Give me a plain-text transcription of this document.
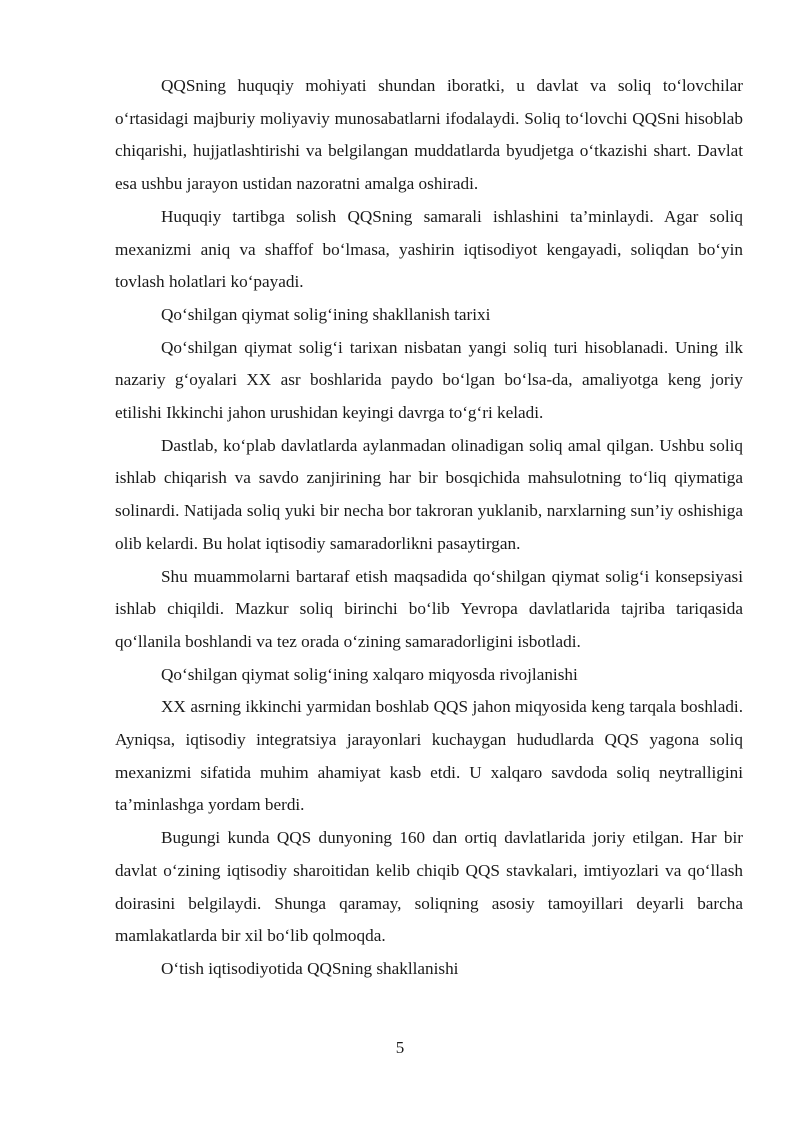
QQSning huquqiy mohiyati shundan iboratki, u davlat va soliq to‘lovchilar o‘rtasidagi majburiy moliyaviy munosabatlarni ifodalaydi. Soliq to‘lovchi QQSni hisoblab chiqarishi, hujjatlashtirishi va belgilangan muddatlarda byudjetga o‘tkazishi shart. Davlat esa ushbu jarayon ustidan nazoratni amalga oshiradi.

Huquqiy tartibga solish QQSning samarali ishlashini ta’minlaydi. Agar soliq mexanizmi aniq va shaffof bo‘lmasa, yashirin iqtisodiyot kengayadi, soliqdan bo‘yin tovlash holatlari ko‘payadi.

Qo‘shilgan qiymat solig‘ining shakllanish tarixi

Qo‘shilgan qiymat solig‘i tarixan nisbatan yangi soliq turi hisoblanadi. Uning ilk nazariy g‘oyalari XX asr boshlarida paydo bo‘lgan bo‘lsa-da, amaliyotga keng joriy etilishi Ikkinchi jahon urushidan keyingi davrga to‘g‘ri keladi.

Dastlab, ko‘plab davlatlarda aylanmadan olinadigan soliq amal qilgan. Ushbu soliq ishlab chiqarish va savdo zanjirining har bir bosqichida mahsulotning to‘liq qiymatiga solinardi. Natijada soliq yuki bir necha bor takroran yuklanib, narxlarning sun’iy oshishiga olib kelardi. Bu holat iqtisodiy samaradorlikni pasaytirgan.

Shu muammolarni bartaraf etish maqsadida qo‘shilgan qiymat solig‘i konsepsiyasi ishlab chiqildi. Mazkur soliq birinchi bo‘lib Yevropa davlatlarida tajriba tariqasida qo‘llanila boshlandi va tez orada o‘zining samaradorligini isbotladi.

Qo‘shilgan qiymat solig‘ining xalqaro miqyosda rivojlanishi

XX asrning ikkinchi yarmidan boshlab QQS jahon miqyosida keng tarqala boshladi. Ayniqsa, iqtisodiy integratsiya jarayonlari kuchaygan hududlarda QQS yagona soliq mexanizmi sifatida muhim ahamiyat kasb etdi. U xalqaro savdoda soliq neytralligini ta’minlashga yordam berdi.

Bugungi kunda QQS dunyoning 160 dan ortiq davlatlarida joriy etilgan. Har bir davlat o‘zining iqtisodiy sharoitidan kelib chiqib QQS stavkalari, imtiyozlari va qo‘llash doirasini belgilaydi. Shunga qaramay, soliqning asosiy tamoyillari deyarli barcha mamlakatlarda bir xil bo‘lib qolmoqda.

O‘tish iqtisodiyotida QQSning shakllanishi

5
